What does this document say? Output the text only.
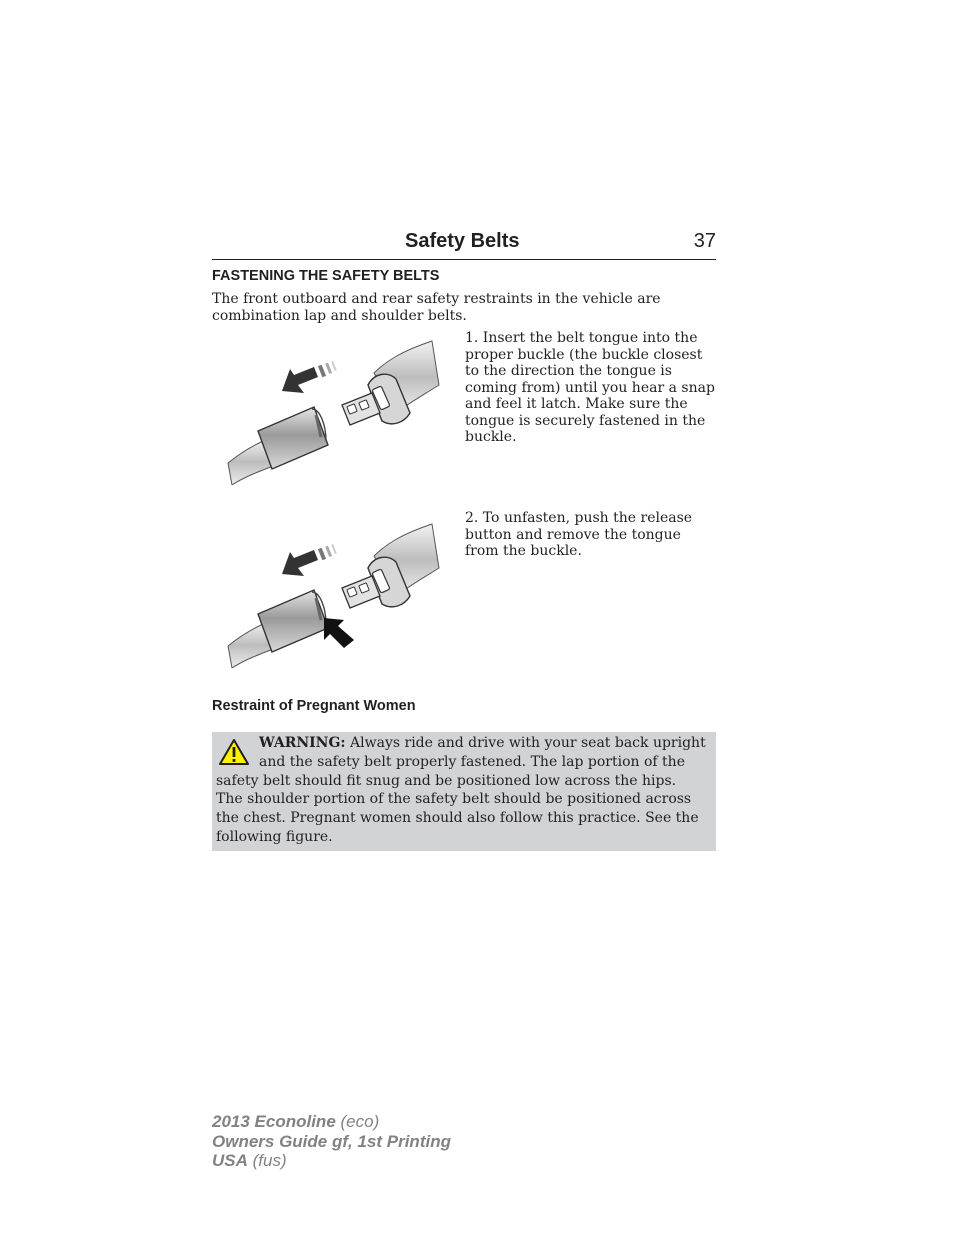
Safety Belts	37
FASTENING THE SAFETY BELTS
The front outboard and rear safety restraints in the vehicle are combination lap and shoulder belts.
1. Insert the belt tongue into the proper buckle (the buckle closest to the direction the tongue is coming from) until you hear a snap and feel it latch. Make sure the tongue is securely fastened in the buckle.
2. To unfasten, push the release button and remove the tongue from the buckle.
Restraint of Pregnant Women
WARNING: Always ride and drive with your seat back upright and the safety belt properly fastened. The lap portion of the safety belt should fit snug and be positioned low across the hips. The shoulder portion of the safety belt should be positioned across the chest. Pregnant women should also follow this practice. See the following figure.
2013 Econoline (eco)
Owners Guide gf, 1st Printing
USA (fus)
